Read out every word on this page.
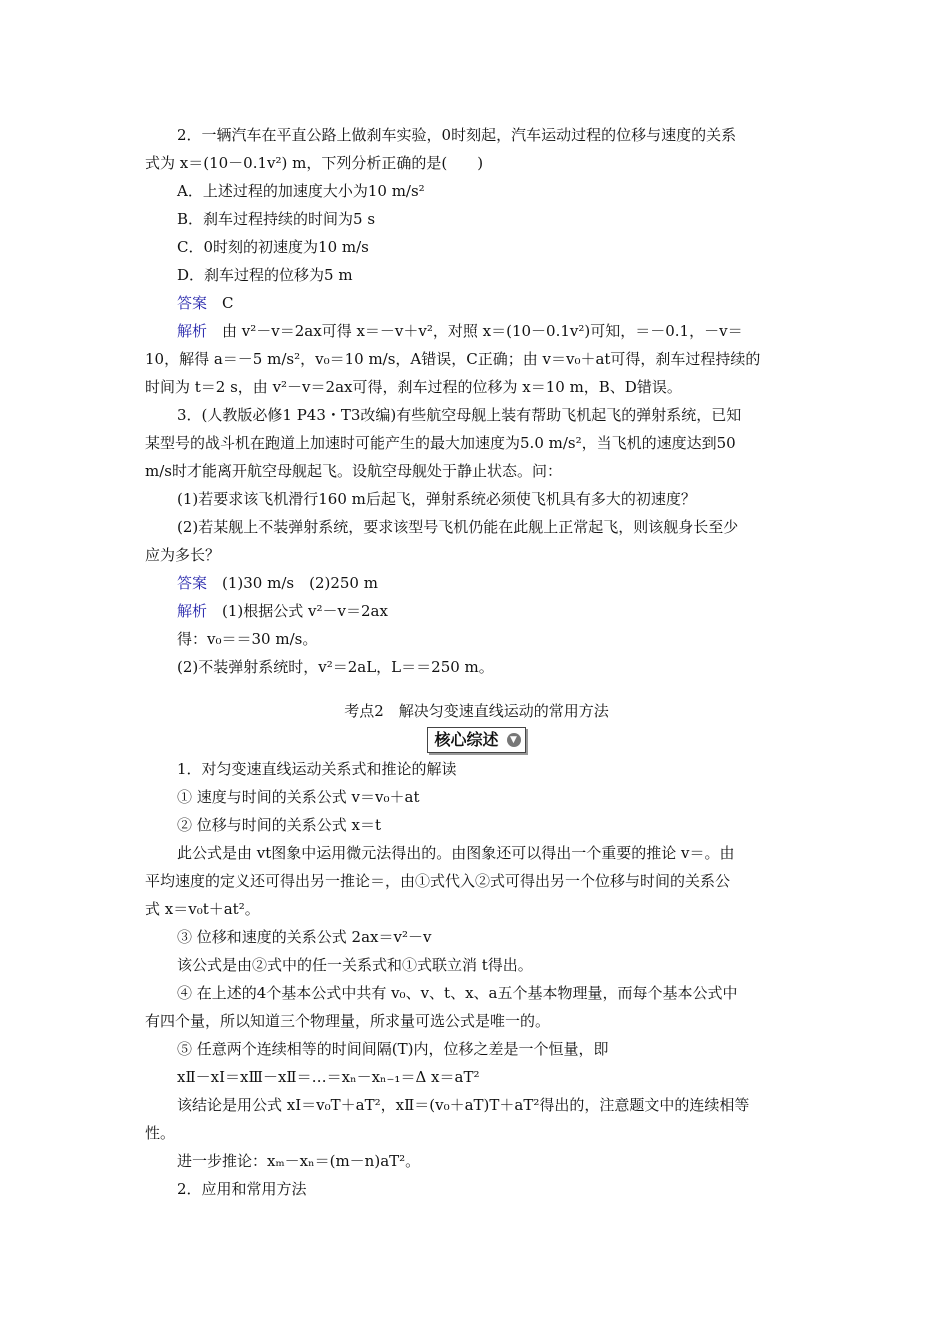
2．一辆汽车在平直公路上做刹车实验，0时刻起，汽车运动过程的位移与速度的关系

式为 x＝(10－0.1v²) m，下列分析正确的是(　　)

A．上述过程的加速度大小为10 m/s²

B．刹车过程持续的时间为5 s

C．0时刻的初速度为10 m/s

D．刹车过程的位移为5 m

答案　C

解析　由 v²－v＝2ax可得 x＝－v＋v²，对照 x＝(10－0.1v²)可知，＝－0.1，－v＝

10，解得 a＝－5 m/s²，v₀＝10 m/s，A错误，C正确；由 v＝v₀＋at可得，刹车过程持续的

时间为 t＝2 s，由 v²－v＝2ax可得，刹车过程的位移为 x＝10 m，B、D错误。

3．(人教版必修1 P43・T3改编)有些航空母舰上装有帮助飞机起飞的弹射系统，已知

某型号的战斗机在跑道上加速时可能产生的最大加速度为5.0 m/s²，当飞机的速度达到50

m/s时才能离开航空母舰起飞。设航空母舰处于静止状态。问：

(1)若要求该飞机滑行160 m后起飞，弹射系统必须使飞机具有多大的初速度？

(2)若某舰上不装弹射系统，要求该型号飞机仍能在此舰上正常起飞，则该舰身长至少

应为多长？

答案　(1)30 m/s　(2)250 m

解析　(1)根据公式 v²－v＝2ax

得：v₀＝＝30 m/s。

(2)不装弹射系统时，v²＝2aL，L＝＝250 m。

考点2　解决匀变速直线运动的常用方法

核心综述	▼

1．对匀变速直线运动关系式和推论的解读

① 速度与时间的关系公式 v＝v₀＋at

② 位移与时间的关系公式 x＝t

此公式是由 vt图象中运用微元法得出的。由图象还可以得出一个重要的推论 v＝。由

平均速度的定义还可得出另一推论＝，由①式代入②式可得出另一个位移与时间的关系公

式 x＝v₀t＋at²。

③ 位移和速度的关系公式 2ax＝v²－v

该公式是由②式中的任一关系式和①式联立消 t得出。

④ 在上述的4个基本公式中共有 v₀、v、t、x、a五个基本物理量，而每个基本公式中

有四个量，所以知道三个物理量，所求量可选公式是唯一的。

⑤ 任意两个连续相等的时间间隔(T)内，位移之差是一个恒量，即

xⅡ－xⅠ＝xⅢ－xⅡ＝…＝xₙ－xₙ₋₁＝Δ x＝aT²

该结论是用公式 xⅠ＝v₀T＋aT²，xⅡ＝(v₀＋aT)T＋aT²得出的，注意题文中的连续相等

性。

进一步推论：xₘ－xₙ＝(m－n)aT²。

2．应用和常用方法
